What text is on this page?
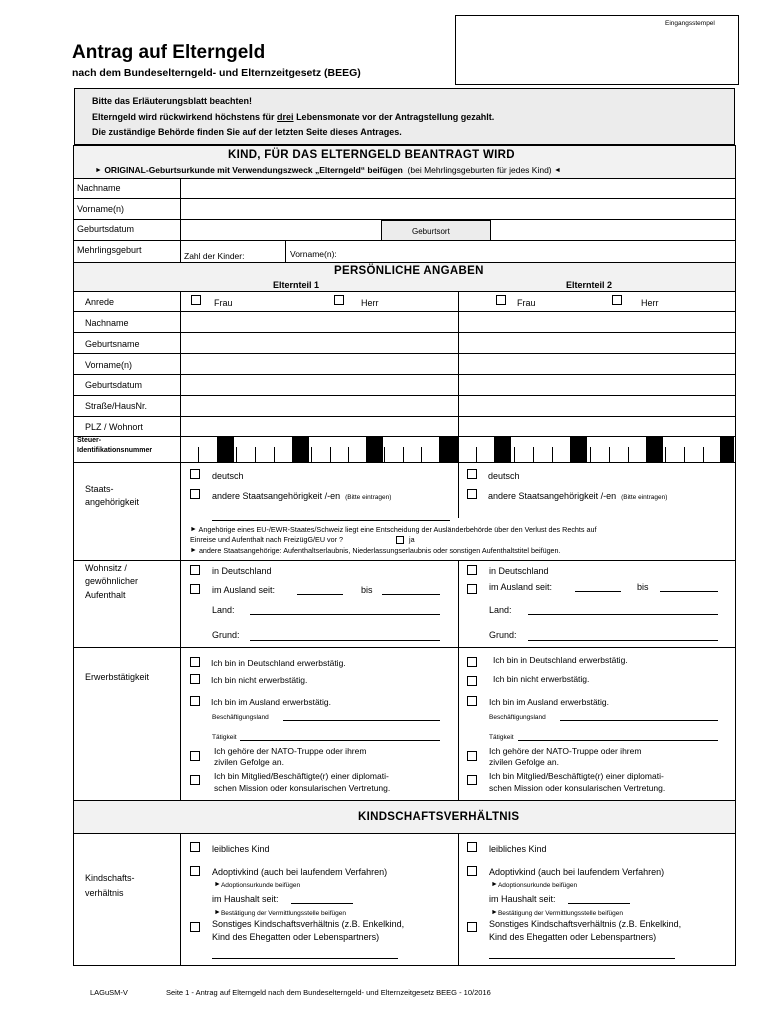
Eingangsstempel
Antrag auf Elterngeld
nach dem Bundeselterngeld- und Elternzeitgesetz (BEEG)
Bitte das Erläuterungsblatt beachten!
Elterngeld wird rückwirkend höchstens für drei Lebensmonate vor der Antragstellung gezahlt.
Die zuständige Behörde finden Sie auf der letzten Seite dieses Antrages.
KIND, FÜR DAS ELTERNGELD BEANTRAGT WIRD
► ORIGINAL-Geburtsurkunde mit Verwendungszweck „Elterngeld“ beifügen (bei Mehrlingsgeburten für jedes Kind) ◄
Nachname
Vorname(n)
Geburtsdatum	Geburtsort
Mehrlingsgeburt
Zahl der Kinder:	Vorname(n):
PERSÖNLICHE ANGABEN
Elternteil 1	Elternteil 2
Anrede	Frau	Herr	Frau	Herr
Nachname
Geburtsname
Vorname(n)
Geburtsdatum
Straße/HausNr.
PLZ / Wohnort
Steuer-
Identifikationsnummer
Staats-
angehörigkeit
deutsch
andere Staatsangehörigkeit /-en (Bitte eintragen)
deutsch
andere Staatsangehörigkeit /-en (Bitte eintragen)
► Angehörige eines EU-/EWR-Staates/Schweiz liegt eine Entscheidung der Ausländerbehörde über den Verlust des Rechts auf
Einreise und Aufenthalt nach FreizügG/EU vor ?	ja
► andere Staatsangehörige: Aufenthaltserlaubnis, Niederlassungserlaubnis oder sonstigen Aufenthaltstitel beifügen.
Wohnsitz /
gewöhnlicher
Aufenthalt
in Deutschland
im Ausland seit:	bis
Land:
Grund:
in Deutschland
im Ausland seit:	bis
Land:
Grund:
Erwerbstätigkeit
Ich bin in Deutschland erwerbstätig.
Ich bin nicht erwerbstätig.
Ich bin im Ausland erwerbstätig.
Beschäftigungsland
Tätigkeit
Ich gehöre der NATO-Truppe oder ihrem
zivilen Gefolge an.
Ich bin Mitglied/Beschäftigte(r) einer diplomati-
schen Mission oder konsularischen Vertretung.
Ich bin in Deutschland erwerbstätig.
Ich bin nicht erwerbstätig.
Ich bin im Ausland erwerbstätig.
Beschäftigungsland
Tätigkeit
Ich gehöre der NATO-Truppe oder ihrem
zivilen Gefolge an.
Ich bin Mitglied/Beschäftigte(r) einer diplomati-
schen Mission oder konsularischen Vertretung.
KINDSCHAFTSVERHÄLTNIS
Kindschafts-
verhältnis
leibliches Kind
Adoptivkind (auch bei laufendem Verfahren)
►Adoptionsurkunde beifügen
im Haushalt seit:
►Bestätigung der Vermittlungsstelle beifügen
Sonstiges Kindschaftsverhältnis (z.B. Enkelkind,
Kind des Ehegatten oder Lebenspartners)
leibliches Kind
Adoptivkind (auch bei laufendem Verfahren)
►Adoptionsurkunde beifügen
im Haushalt seit:
►Bestätigung der Vermittlungsstelle beifügen
Sonstiges Kindschaftsverhältnis (z.B. Enkelkind,
Kind des Ehegatten oder Lebenspartners)
LAGuSM-V	Seite 1 - Antrag auf Elterngeld nach dem Bundeselterngeld- und Elternzeitgesetz BEEG - 10/2016
